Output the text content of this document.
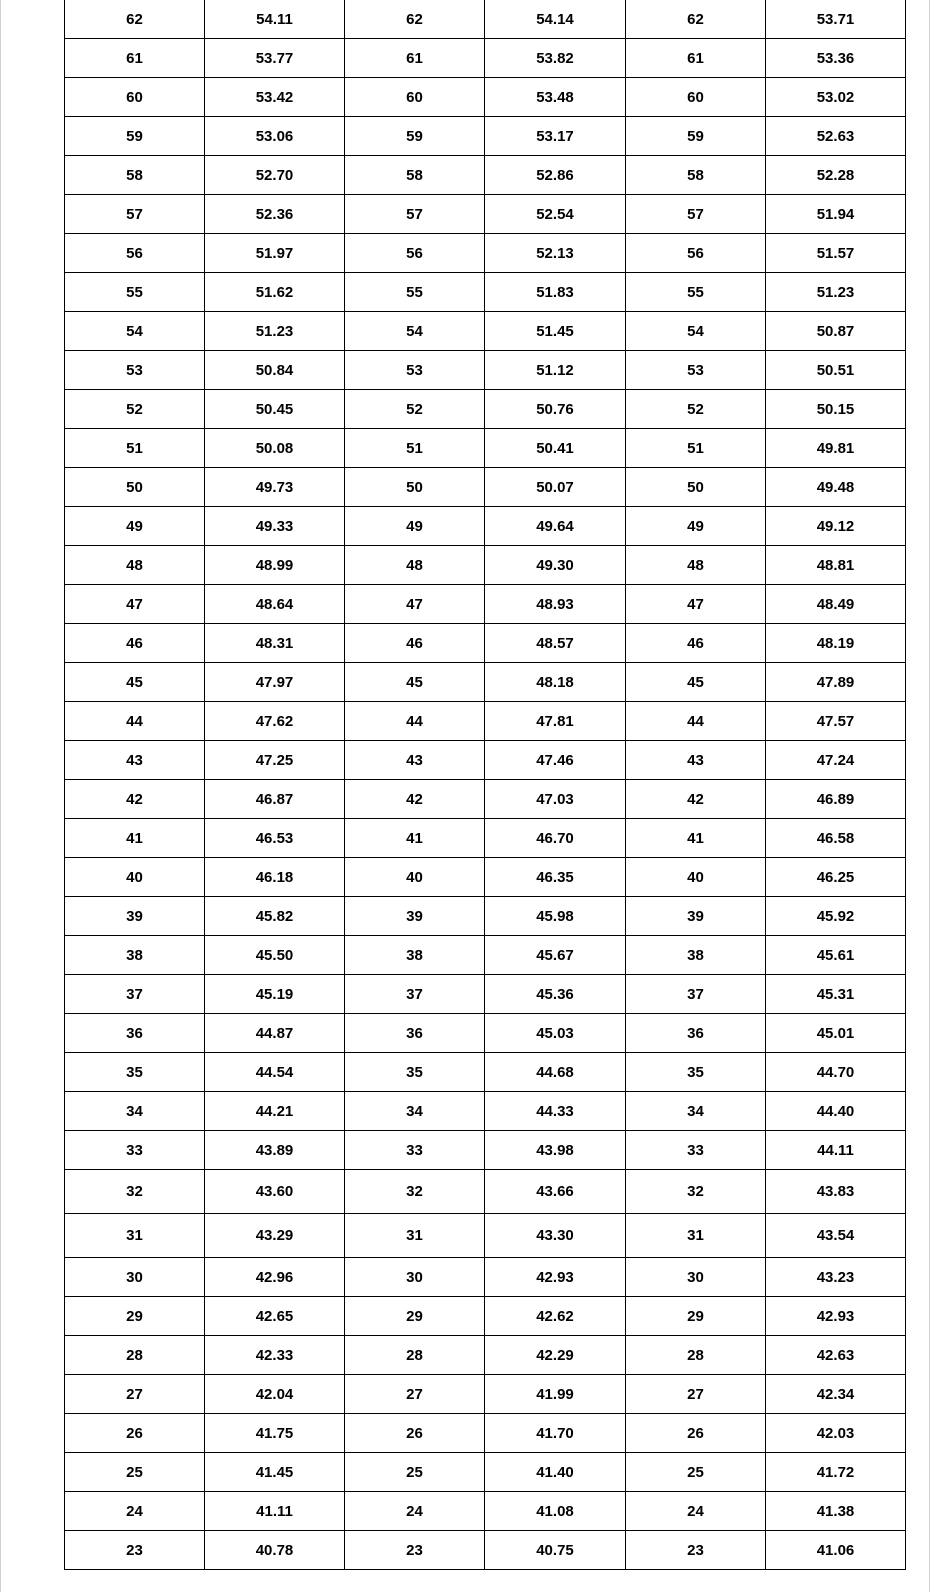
62	54.11	62	54.14	62	53.71
61	53.77	61	53.82	61	53.36
60	53.42	60	53.48	60	53.02
59	53.06	59	53.17	59	52.63
58	52.70	58	52.86	58	52.28
57	52.36	57	52.54	57	51.94
56	51.97	56	52.13	56	51.57
55	51.62	55	51.83	55	51.23
54	51.23	54	51.45	54	50.87
53	50.84	53	51.12	53	50.51
52	50.45	52	50.76	52	50.15
51	50.08	51	50.41	51	49.81
50	49.73	50	50.07	50	49.48
49	49.33	49	49.64	49	49.12
48	48.99	48	49.30	48	48.81
47	48.64	47	48.93	47	48.49
46	48.31	46	48.57	46	48.19
45	47.97	45	48.18	45	47.89
44	47.62	44	47.81	44	47.57
43	47.25	43	47.46	43	47.24
42	46.87	42	47.03	42	46.89
41	46.53	41	46.70	41	46.58
40	46.18	40	46.35	40	46.25
39	45.82	39	45.98	39	45.92
38	45.50	38	45.67	38	45.61
37	45.19	37	45.36	37	45.31
36	44.87	36	45.03	36	45.01
35	44.54	35	44.68	35	44.70
34	44.21	34	44.33	34	44.40
33	43.89	33	43.98	33	44.11
32	43.60	32	43.66	32	43.83
31	43.29	31	43.30	31	43.54
30	42.96	30	42.93	30	43.23
29	42.65	29	42.62	29	42.93
28	42.33	28	42.29	28	42.63
27	42.04	27	41.99	27	42.34
26	41.75	26	41.70	26	42.03
25	41.45	25	41.40	25	41.72
24	41.11	24	41.08	24	41.38
23	40.78	23	40.75	23	41.06
